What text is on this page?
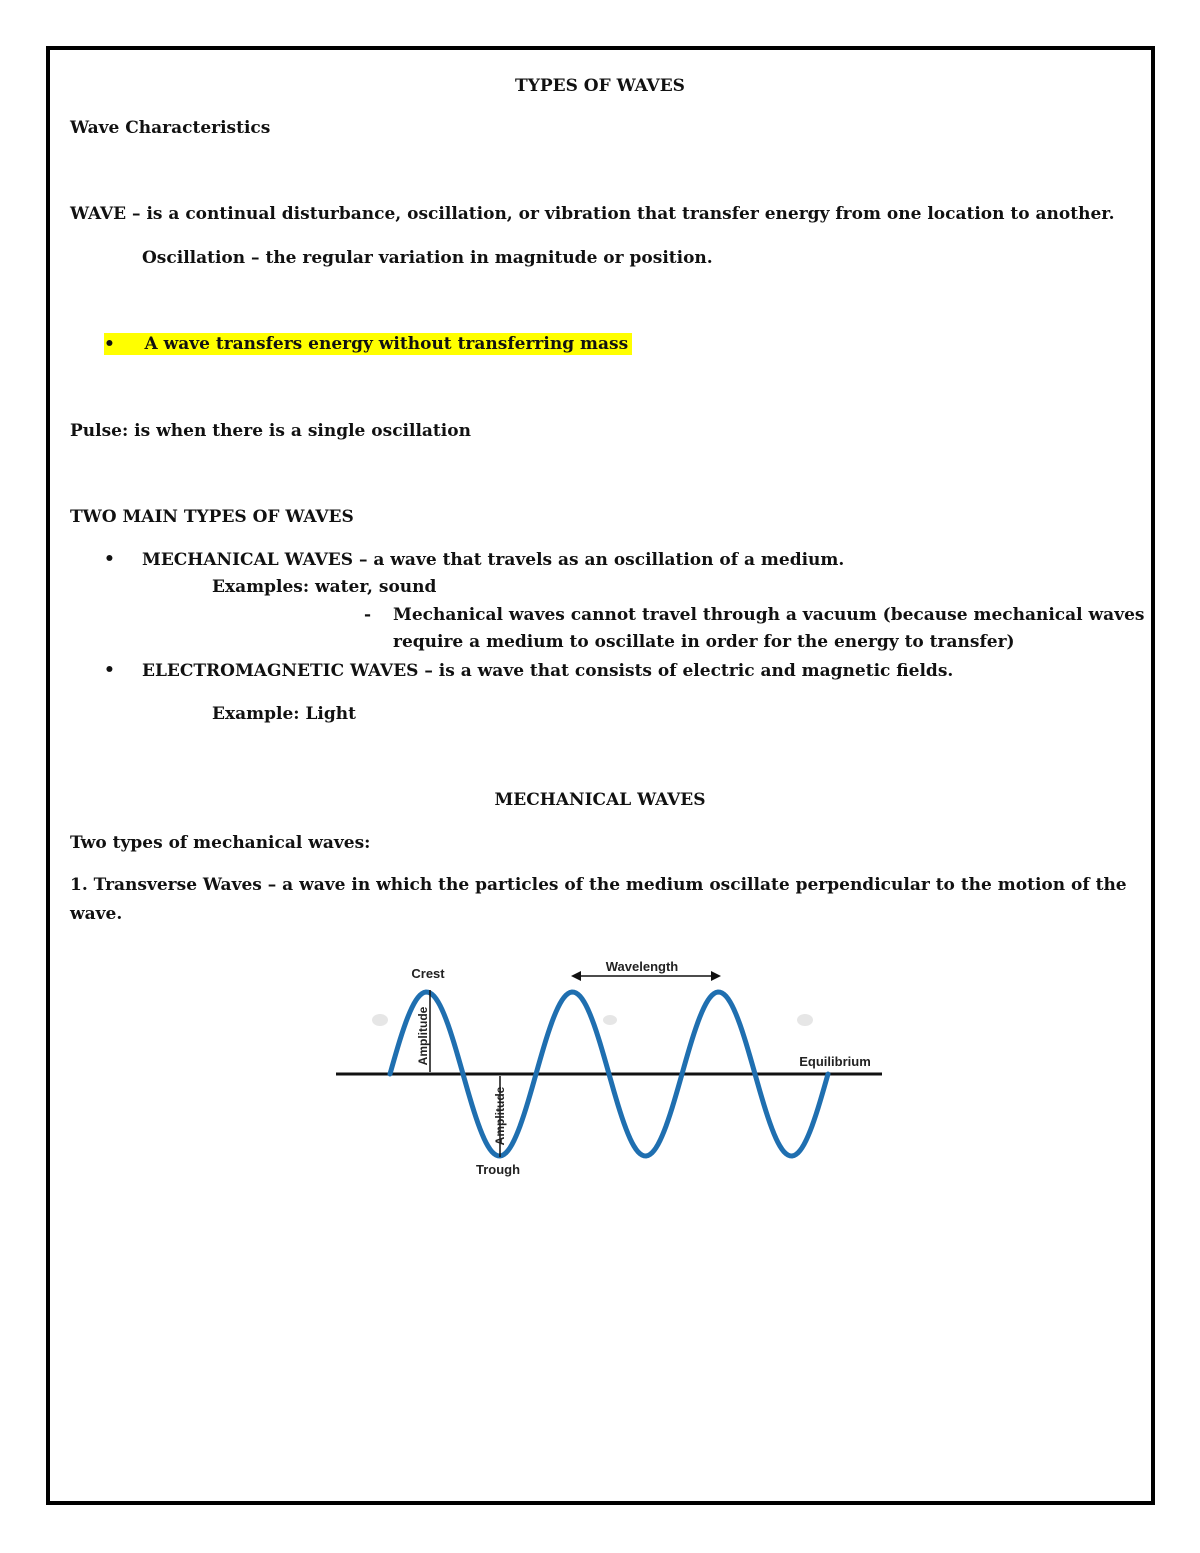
TYPES OF WAVES
Wave Characteristics
WAVE – is a continual disturbance, oscillation, or vibration that transfer energy from one location to another.
Oscillation – the regular variation in magnitude or position.
•     A wave transfers energy without transferring mass
Pulse: is when there is a single oscillation
TWO MAIN TYPES OF WAVES
• MECHANICAL WAVES – a wave that travels as an oscillation of a medium.
Examples: water, sound
- Mechanical waves cannot travel through a vacuum (because mechanical waves
require a medium to oscillate in order for the energy to transfer)
• ELECTROMAGNETIC WAVES – is a wave that consists of electric and magnetic fields.
Example: Light
MECHANICAL WAVES
Two types of mechanical waves:
1. Transverse Waves – a wave in which the particles of the medium oscillate perpendicular to the motion of the
wave.
Crest	Wavelength
Equilibrium
Trough
Amplitude
Amplitude
